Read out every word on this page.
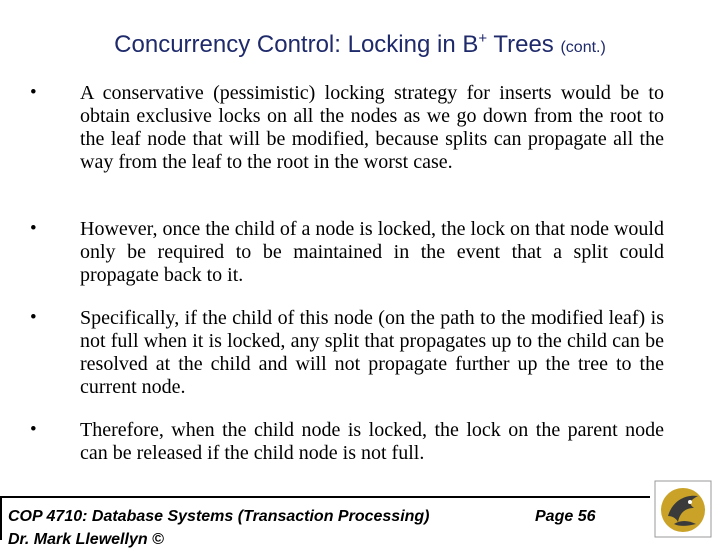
Concurrency Control: Locking in B+ Trees (cont.)
• A conservative (pessimistic) locking strategy for inserts would be to obtain exclusive locks on all the nodes as we go down from the root to the leaf node that will be modified, because splits can propagate all the way from the leaf to the root in the worst case.
• However, once the child of a node is locked, the lock on that node would only be required to be maintained in the event that a split could propagate back to it.
• Specifically, if the child of this node (on the path to the modified leaf) is not full when it is locked, any split that propagates up to the child can be resolved at the child and will not propagate further up the tree to the current node.
• Therefore, when the child node is locked, the lock on the parent node can be released if the child node is not full.
COP 4710: Database Systems (Transaction Processing)	Page 56
Dr. Mark Llewellyn ©
